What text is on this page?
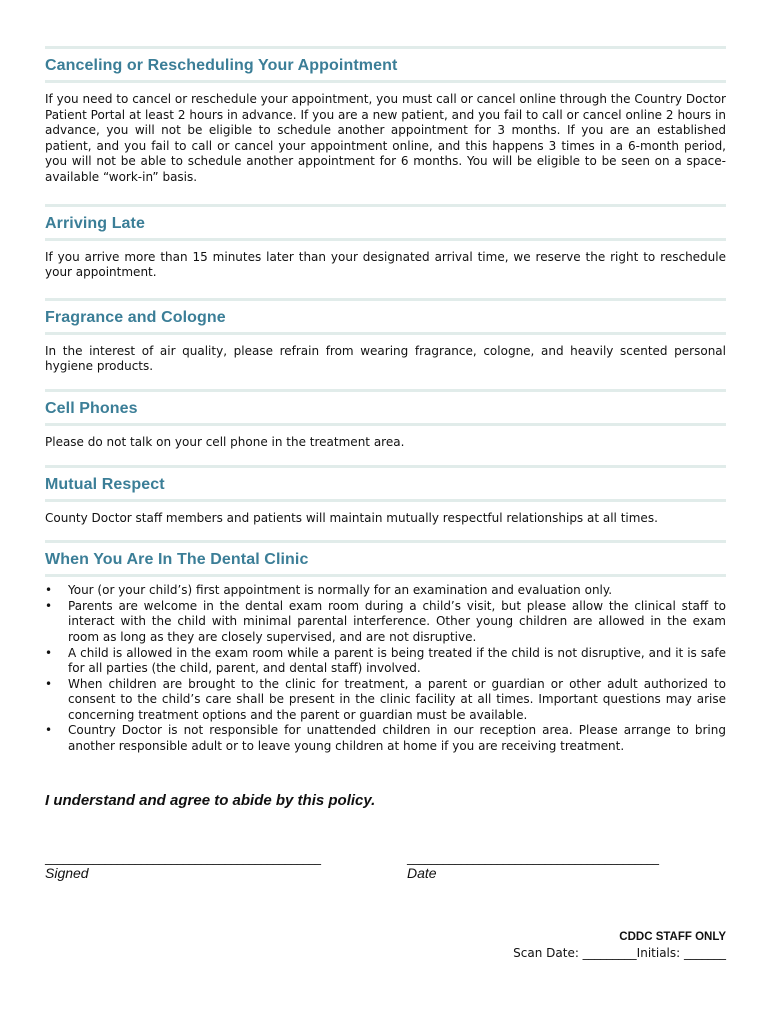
Canceling or Rescheduling Your Appointment

If you need to cancel or reschedule your appointment, you must call or cancel online through the Country Doctor Patient Portal at least 2 hours in advance. If you are a new patient, and you fail to call or cancel online 2 hours in advance, you will not be eligible to schedule another appointment for 3 months. If you are an established patient, and you fail to call or cancel your appointment online, and this happens 3 times in a 6-month period, you will not be able to schedule another appointment for 6 months. You will be eligible to be seen on a space-available “work-in” basis.

Arriving Late

If you arrive more than 15 minutes later than your designated arrival time, we reserve the right to reschedule your appointment.

Fragrance and Cologne

In the interest of air quality, please refrain from wearing fragrance, cologne, and heavily scented personal hygiene products.

Cell Phones

Please do not talk on your cell phone in the treatment area.

Mutual Respect

County Doctor staff members and patients will maintain mutually respectful relationships at all times.

When You Are In The Dental Clinic
• Your (or your child’s) first appointment is normally for an examination and evaluation only.
• Parents are welcome in the dental exam room during a child’s visit, but please allow the clinical staff to interact with the child with minimal parental interference. Other young children are allowed in the exam room as long as they are closely supervised, and are not disruptive.
• A child is allowed in the exam room while a parent is being treated if the child is not disruptive, and it is safe for all parties (the child, parent, and dental staff) involved.
• When children are brought to the clinic for treatment, a parent or guardian or other adult authorized to consent to the child’s care shall be present in the clinic facility at all times. Important questions may arise concerning treatment options and the parent or guardian must be available.
• Country Doctor is not responsible for unattended children in our reception area. Please arrange to bring another responsible adult or to leave young children at home if you are receiving treatment.
I understand and agree to abide by this policy.
______________________________________________
Signed
__________________________________________
Date
CDDC STAFF ONLY
Scan Date: _________Initials: _______
